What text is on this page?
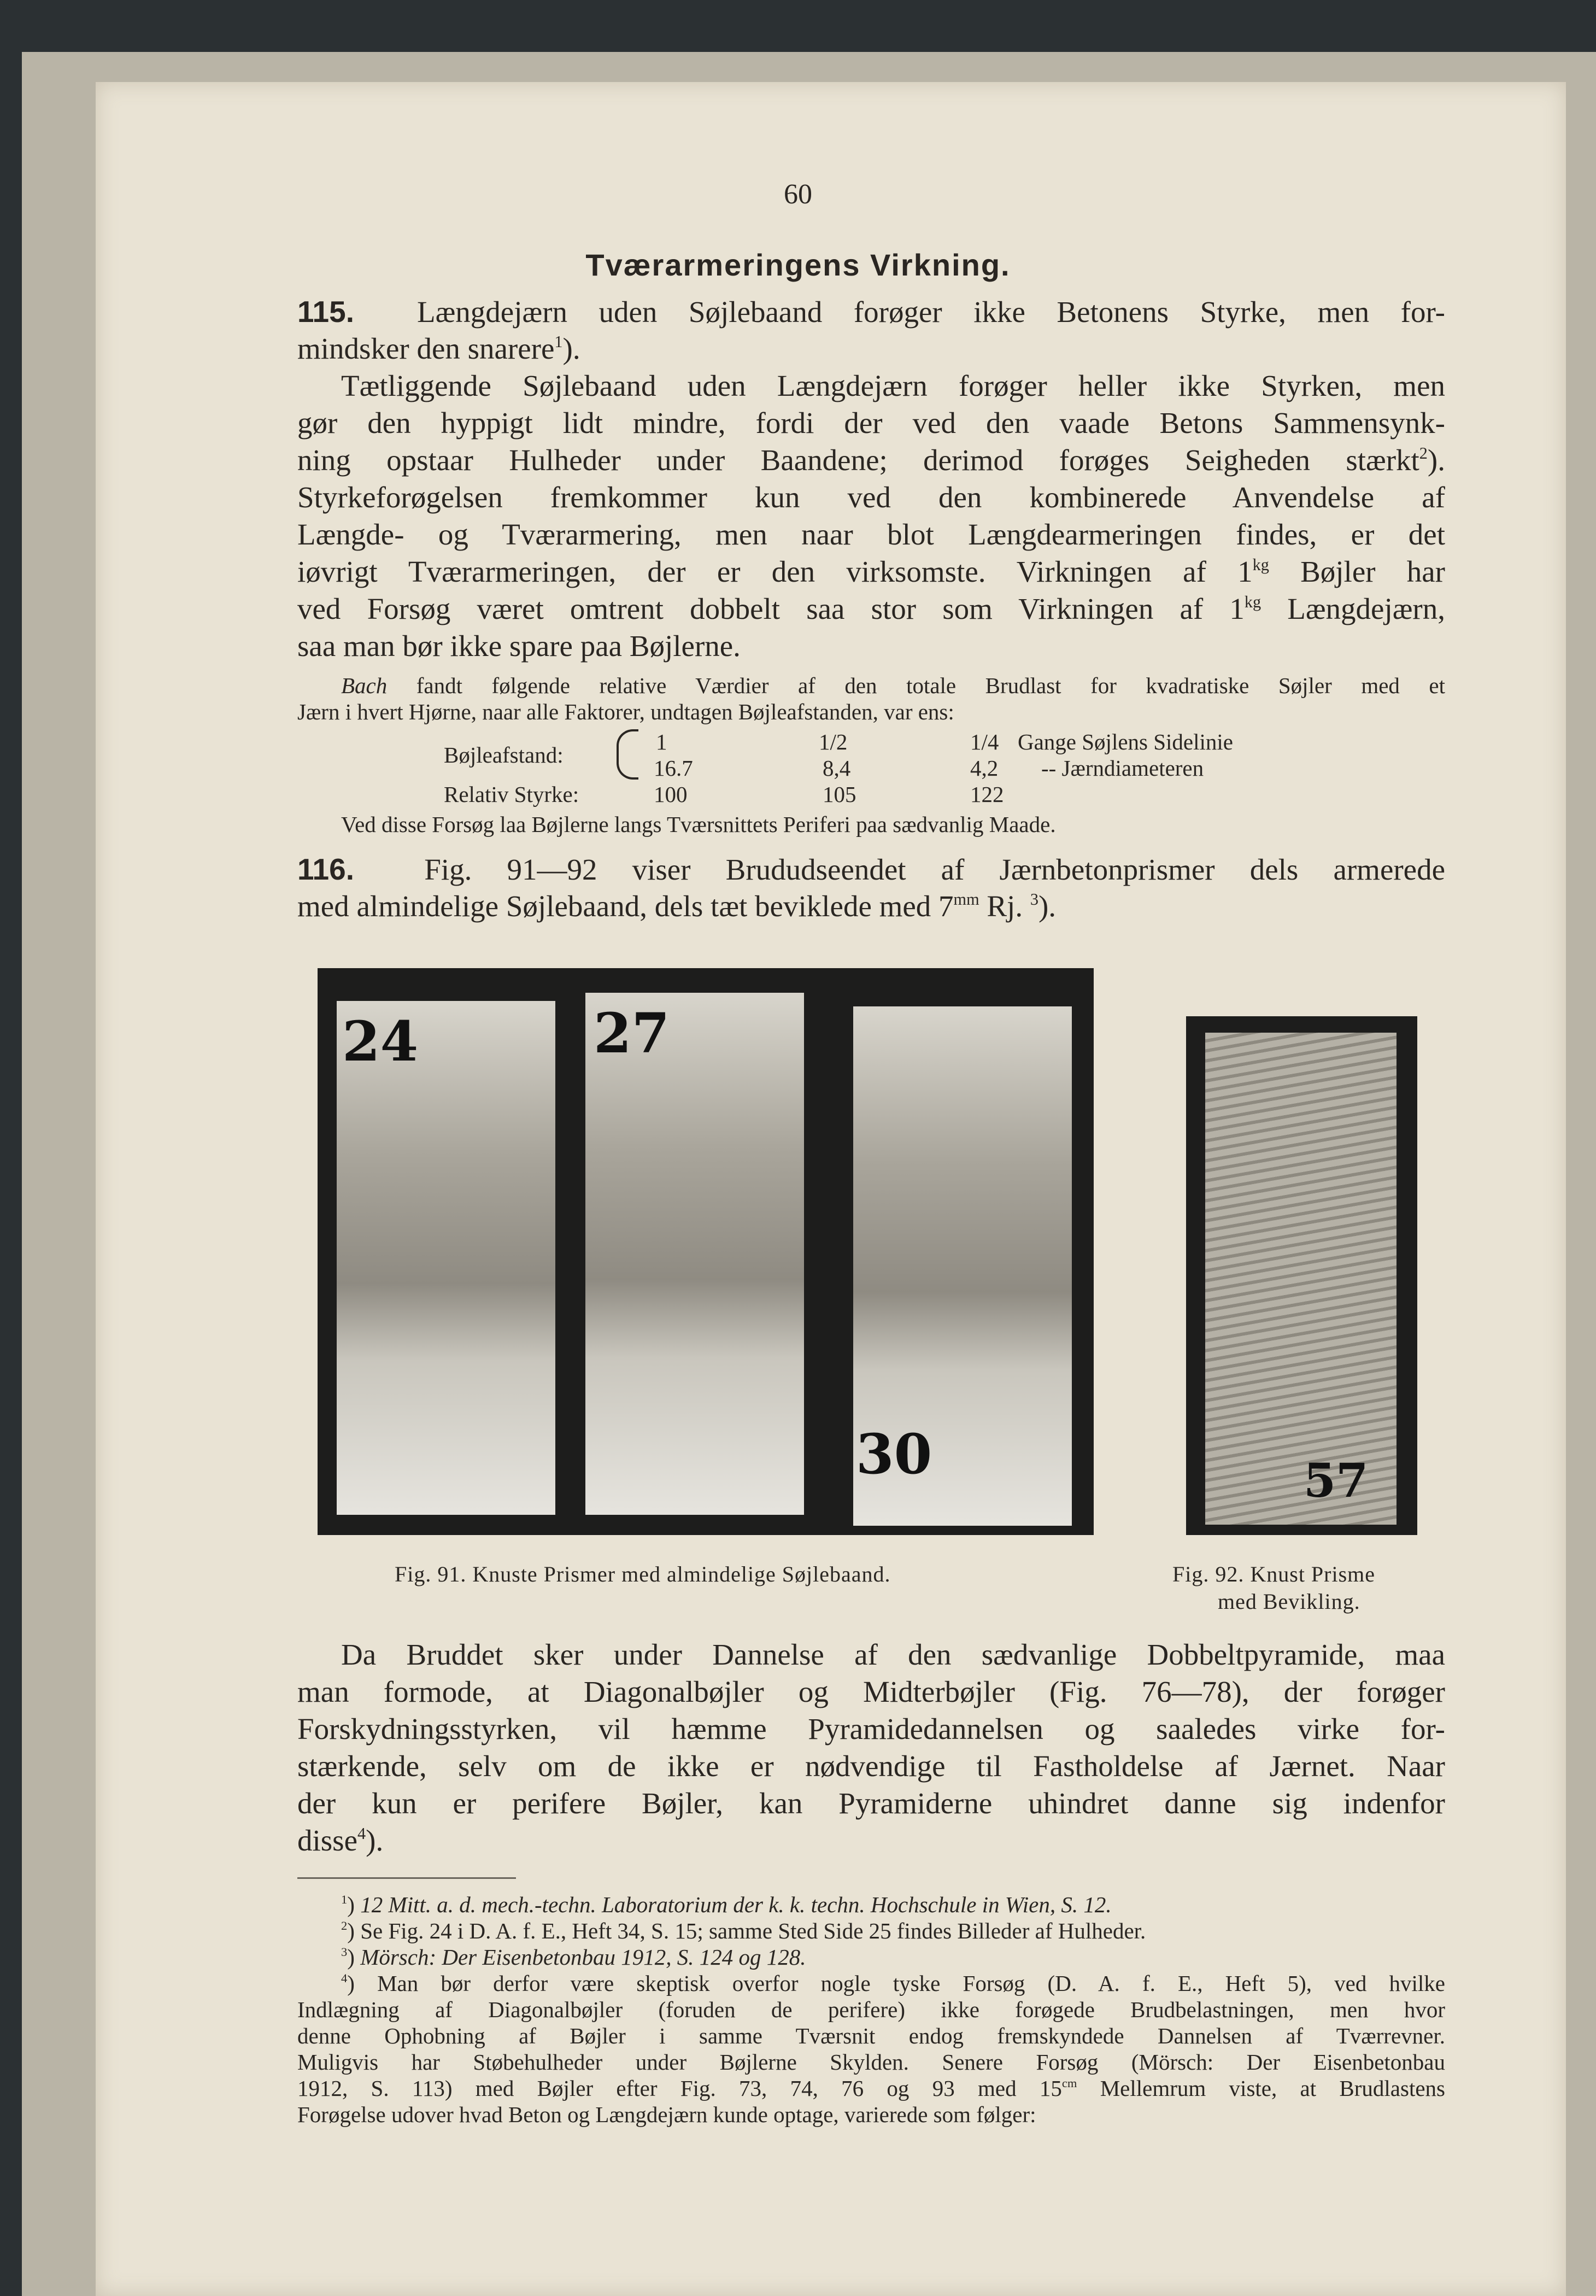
60
Tværarmeringens Virkning.
115. Længdejærn uden Søjlebaand forøger ikke Betonens Styrke, men for-
mindsker den snarere$^1$).
Tætliggende Søjlebaand uden Længdejærn forøger heller ikke Styrken, men
gør den hyppigt lidt mindre, fordi der ved den vaade Betons Sammensynk-
ning opstaar Hulheder under Baandene; derimod forøges Seigheden stærkt$^2$).
Styrkeforøgelsen fremkommer kun ved den kombinerede Anvendelse af
Længde- og Tværarmering, men naar blot Længdearmeringen findes, er det
iøvrigt Tværarmeringen, der er den virksomste. Virkningen af $1^{kg}$ Bøjler har
ved Forsøg været omtrent dobbelt saa stor som Virkningen af $1^{kg}$ Længdejærn,
saa man bør ikke spare paa Bøjlerne.
Bach fandt følgende relative Værdier af den totale Brudlast for kvadratiske Søjler med et
Jærn i hvert Hjørne, naar alle Faktorer, undtagen Bøjleafstanden, var ens:
Bøjleafstand:
1	1/2	1/4 Gange Søjlens Sidelinie
16.7	8,4	4,2 -- Jærndiameteren
Relativ Styrke:	100	105	122
Ved disse Forsøg laa Bøjlerne langs Tværsnittets Periferi paa sædvanlig Maade.
116. Fig. 91—92 viser Brududseendet af Jærnbetonprismer dels armerede
med almindelige Søjlebaand, dels tæt beviklede med $7^{mm}$ Rj. $^3$).
24	27
30	57
Fig. 91. Knuste Prismer med almindelige Søjlebaand.	Fig. 92. Knust Prisme
med Bevikling.
Da Bruddet sker under Dannelse af den sædvanlige Dobbeltpyramide, maa
man formode, at Diagonalbøjler og Midterbøjler (Fig. 76—78), der forøger
Forskydningsstyrken, vil hæmme Pyramidedannelsen og saaledes virke for-
stærkende, selv om de ikke er nødvendige til Fastholdelse af Jærnet. Naar
der kun er perifere Bøjler, kan Pyramiderne uhindret danne sig indenfor
disse$^4$).
$^1$) 12 Mitt. a. d. mech.-techn. Laboratorium der k. k. techn. Hochschule in Wien, S. 12.
$^2$) Se Fig. 24 i D. A. f. E., Heft 34, S. 15; samme Sted Side 25 findes Billeder af Hulheder.
$^3$) Mörsch: Der Eisenbetonbau 1912, S. 124 og 128.
$^4$) Man bør derfor være skeptisk overfor nogle tyske Forsøg (D. A. f. E., Heft 5), ved hvilke
Indlægning af Diagonalbøjler (foruden de perifere) ikke forøgede Brudbelastningen, men hvor
denne Ophobning af Bøjler i samme Tværsnit endog fremskyndede Dannelsen af Tværrevner.
Muligvis har Støbehulheder under Bøjlerne Skylden. Senere Forsøg (Mörsch: Der Eisenbetonbau
1912, S. 113) med Bøjler efter Fig. 73, 74, 76 og 93 med $15^{cm}$ Mellemrum viste, at Brudlastens
Forøgelse udover hvad Beton og Længdejærn kunde optage, varierede som følger:
